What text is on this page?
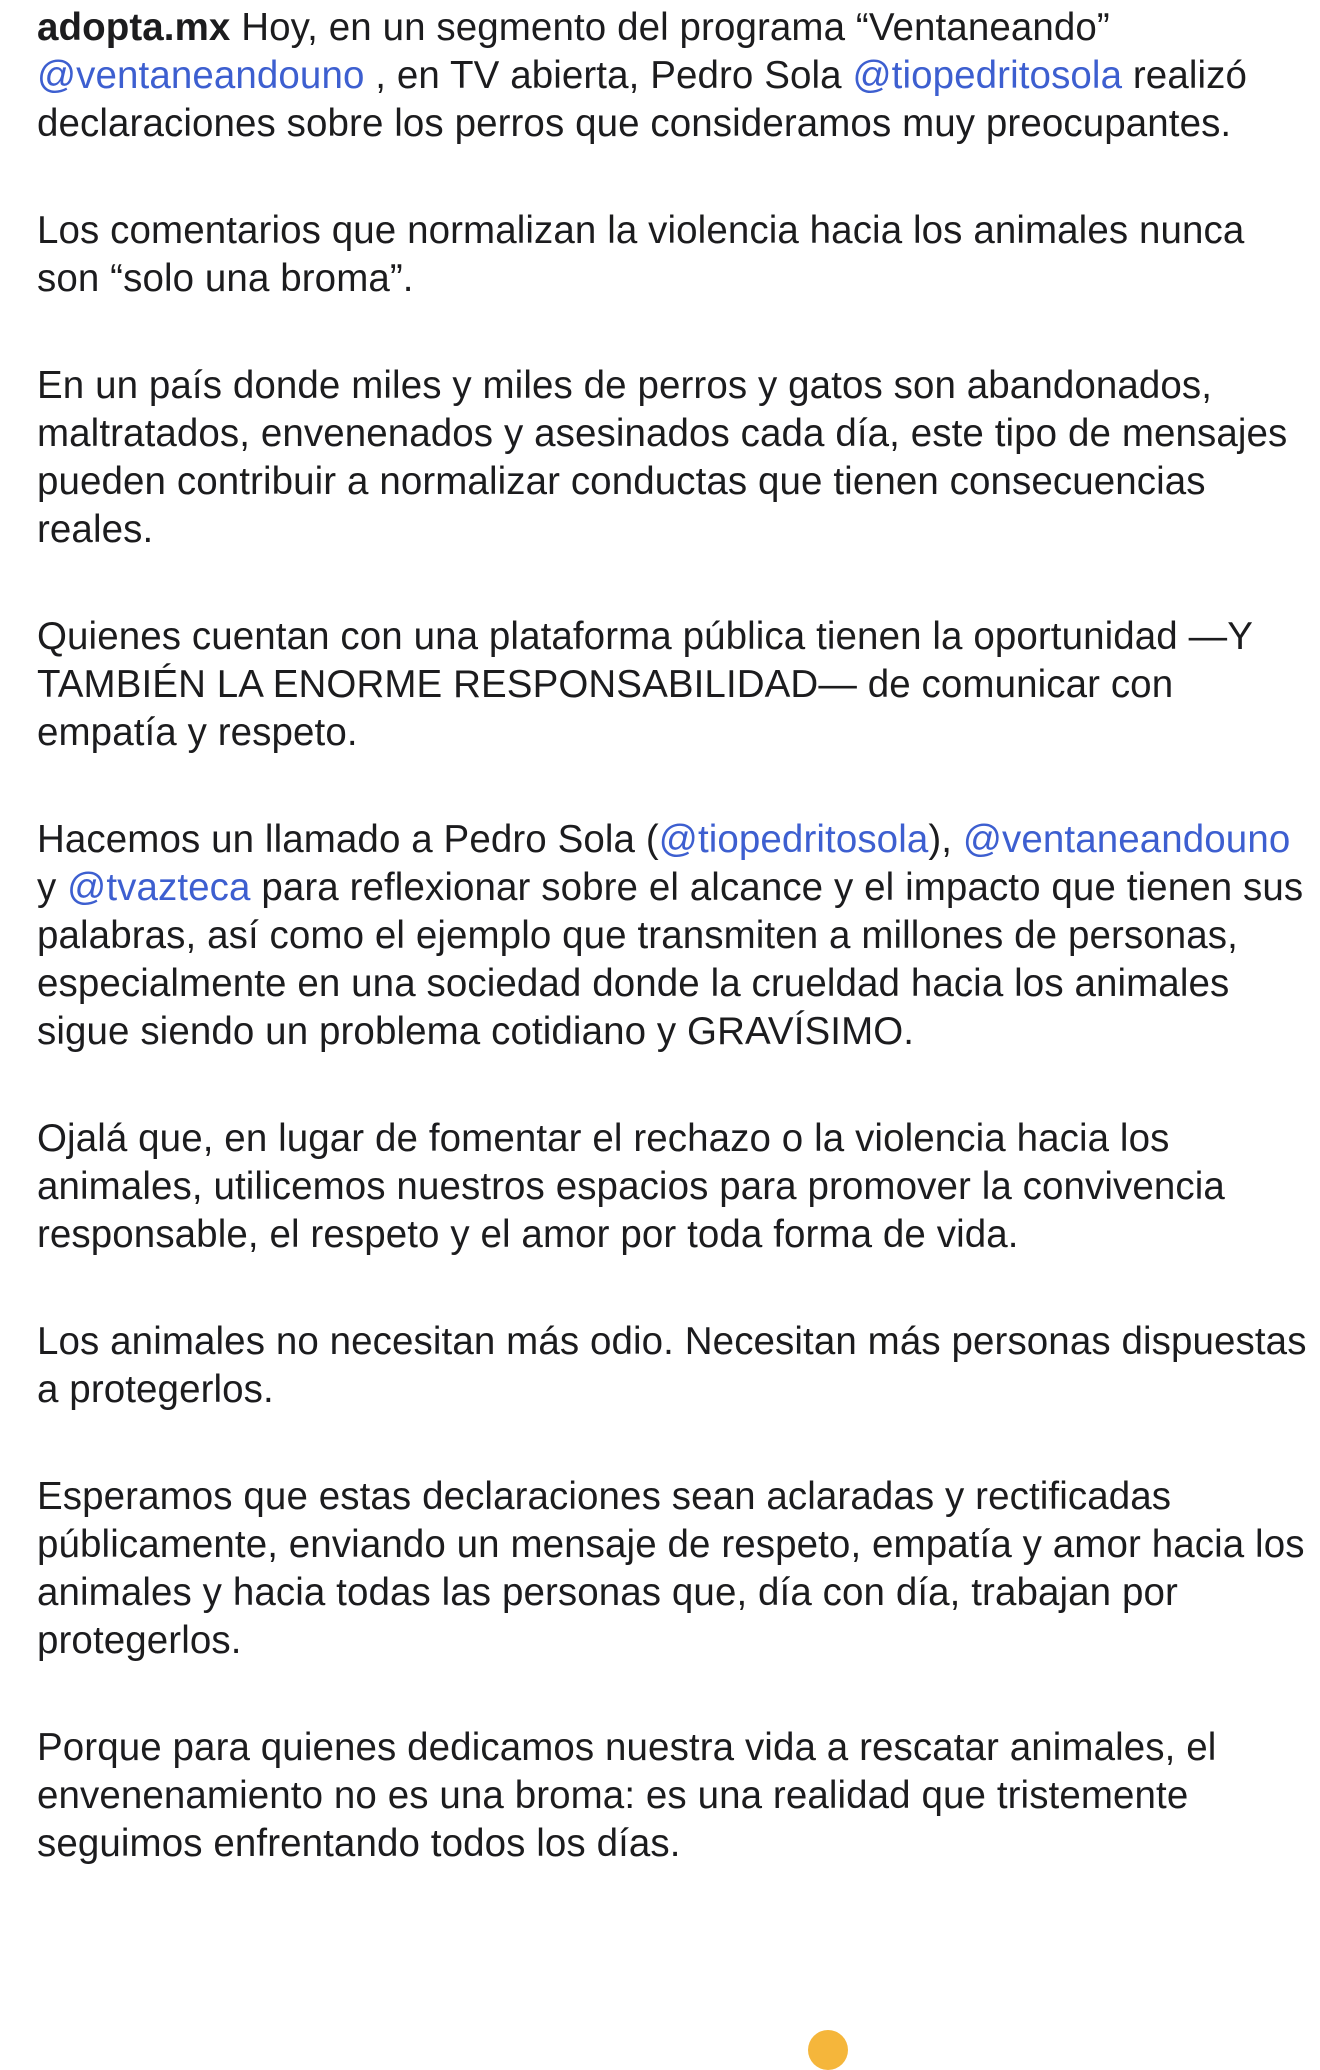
adopta.mx Hoy, en un segmento del programa “Ventaneando” @ventaneandouno , en TV abierta, Pedro Sola @tiopedritosola realizó declaraciones sobre los perros que consideramos muy preocupantes.

Los comentarios que normalizan la violencia hacia los animales nunca son “solo una broma”.

En un país donde miles y miles de perros y gatos son abandonados, maltratados, envenenados y asesinados cada día, este tipo de mensajes pueden contribuir a normalizar conductas que tienen consecuencias reales.

Quienes cuentan con una plataforma pública tienen la oportunidad —Y TAMBIÉN LA ENORME RESPONSABILIDAD— de comunicar con empatía y respeto.

Hacemos un llamado a Pedro Sola (@tiopedritosola), @ventaneandouno y @tvazteca para reflexionar sobre el alcance y el impacto que tienen sus palabras, así como el ejemplo que transmiten a millones de personas, especialmente en una sociedad donde la crueldad hacia los animales sigue siendo un problema cotidiano y GRAVÍSIMO.

Ojalá que, en lugar de fomentar el rechazo o la violencia hacia los animales, utilicemos nuestros espacios para promover la convivencia responsable, el respeto y el amor por toda forma de vida.

Los animales no necesitan más odio. Necesitan más personas dispuestas a protegerlos.

Esperamos que estas declaraciones sean aclaradas y rectificadas públicamente, enviando un mensaje de respeto, empatía y amor hacia los animales y hacia todas las personas que, día con día, trabajan por protegerlos.

Porque para quienes dedicamos nuestra vida a rescatar animales, el envenenamiento no es una broma: es una realidad que tristemente seguimos enfrentando todos los días.
